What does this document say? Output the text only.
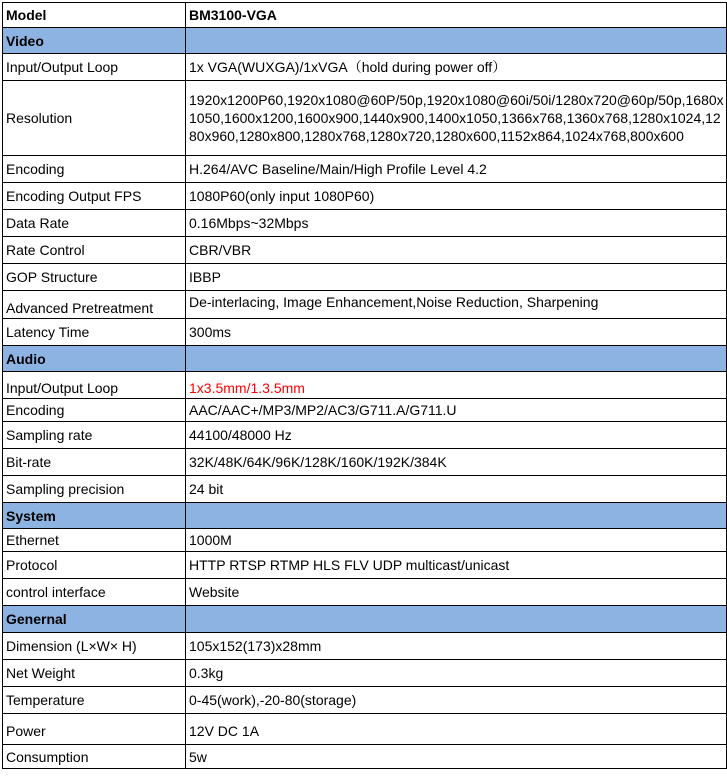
Model	BM3100-VGA
Video	
Input/Output Loop	1x VGA(WUXGA)/1xVGA（hold during power off）
Resolution	1920x1200P60,1920x1080@60P/50p,1920x1080@60i/50i/1280x720@60p/50p,1680x1050,1600x1200,1600x900,1440x900,1400x1050,1366x768,1360x768,1280x1024,1280x960,1280x800,1280x768,1280x720,1280x600,1152x864,1024x768,800x600
Encoding	H.264/AVC Baseline/Main/High Profile Level 4.2
Encoding Output FPS	1080P60(only input 1080P60)
Data Rate	0.16Mbps~32Mbps
Rate Control	CBR/VBR
GOP Structure	IBBP
Advanced Pretreatment	De-interlacing, Image Enhancement,Noise Reduction, Sharpening
Latency Time	300ms
Audio	
Input/Output Loop	1x3.5mm/1.3.5mm
Encoding	AAC/AAC+/MP3/MP2/AC3/G711.A/G711.U
Sampling rate	44100/48000 Hz
Bit-rate	32K/48K/64K/96K/128K/160K/192K/384K
Sampling precision	24 bit
System	
Ethernet	1000M
Protocol	HTTP RTSP RTMP HLS FLV UDP multicast/unicast
control interface	Website
Genernal	
Dimension (L×W× H)	105x152(173)x28mm
Net Weight	0.3kg
Temperature	0-45(work),-20-80(storage)
Power	12V DC 1A
Consumption	5w
